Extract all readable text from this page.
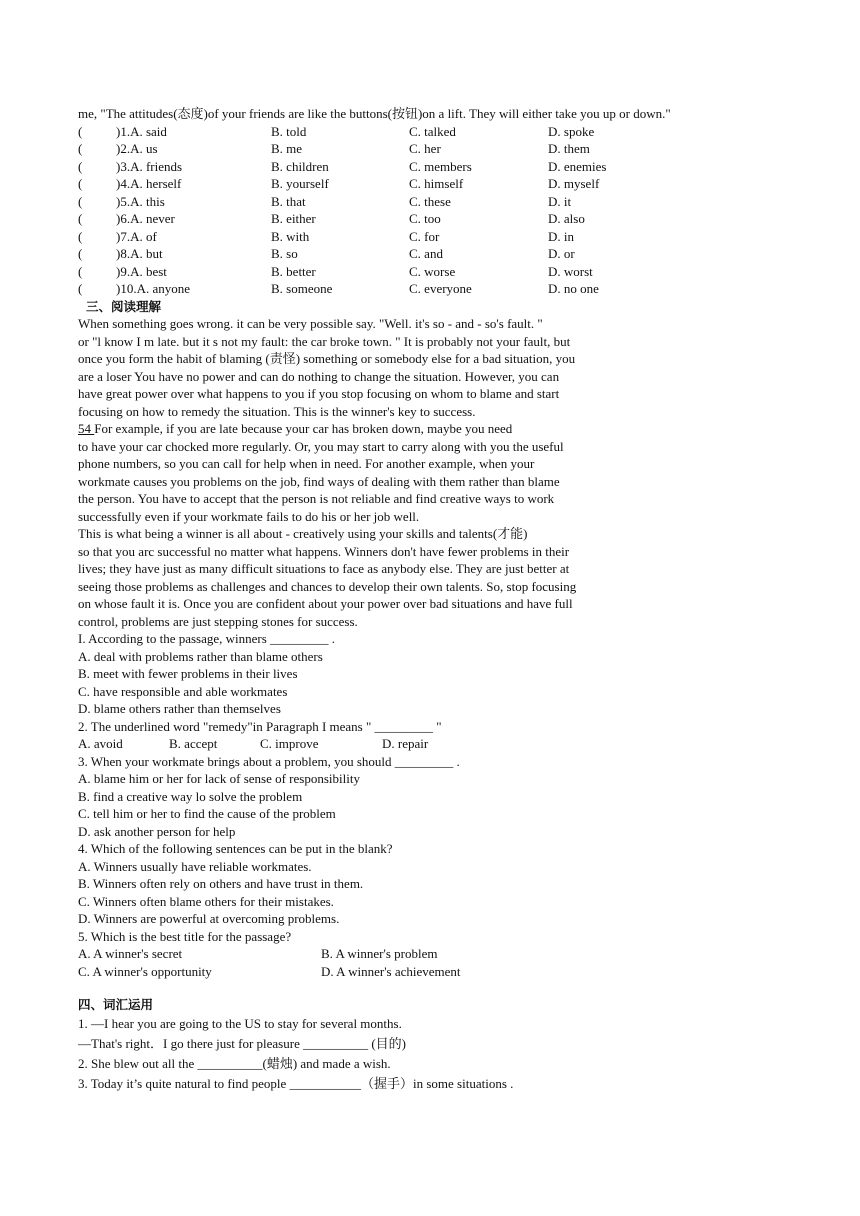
me, "The attitudes(态度)of your friends are like the buttons(按钮)on a lift. They will either take you up or down."
(	)1.A. said	B. told	C. talked	D. spoke
(	)2.A. us	B. me	C. her	D. them
(	)3.A. friends	B. children	C. members	D. enemies
(	)4.A. herself	B. yourself	C. himself	D. myself
(	)5.A. this	B. that	C. these	D. it
(	)6.A. never	B. either	C. too	D. also
(	)7.A. of	B. with	C. for	D. in
(	)8.A. but	B. so	C. and	D. or
(	)9.A. best	B. better	C. worse	D. worst
(	)10.A. anyone	B. someone	C. everyone	D. no one
三、阅读理解
When something goes wrong. it can be very possible say. "Well. it's so - and - so's fault. "
or "l know I m late. but it s not my fault: the car broke town. " It is probably not your fault, but
once you form the habit of blaming (责怪) something or somebody else for a bad situation, you
are a loser You have no power and can do nothing to change the situation. However, you can
have great power over what happens to you if you stop focusing on whom to blame and start
focusing on how to remedy the situation. This is the winner's key to success.
54 For example, if you are late because your car has broken down, maybe you need
to have your car chocked more regularly. Or, you may start to carry along with you the useful
phone numbers, so you can call for help when in need. For another example, when your
workmate causes you problems on the job, find ways of dealing with them rather than blame
the person. You have to accept that the person is not reliable and find creative ways to work
successfully even if your workmate fails to do his or her job well.
This is what being a winner is all about - creatively using your skills and talents(才能)
so that you arc successful no matter what happens. Winners don't have fewer problems in their
lives; they have just as many difficult situations to face as anybody else. They are just better at
seeing those problems as challenges and chances to develop their own talents. So, stop focusing
on whose fault it is. Once you are confident about your power over bad situations and have full
control, problems are just stepping stones for success.
I. According to the passage, winners _________ .
A. deal with problems rather than blame others
B. meet with fewer problems in their lives
C. have responsible and able workmates
D. blame others rather than themselves
2. The underlined word "remedy"in Paragraph I means " _________ "
A. avoid	B. accept	C. improve	D. repair
3. When your workmate brings about a problem, you should _________ .
A. blame him or her for lack of sense of responsibility
B. find a creative way lo solve the problem
C. tell him or her to find the cause of the problem
D. ask another person for help
4. Which of the following sentences can be put in the blank?
A. Winners usually have reliable workmates.
B. Winners often rely on others and have trust in them.
C. Winners often blame others for their mistakes.
D. Winners are powerful at overcoming problems.
5. Which is the best title for the passage?
A. A winner's secret	B. A winner's problem
C. A winner's opportunity	D. A winner's achievement
四、词汇运用
1. —I hear you are going to the US to stay for several months.
—That's right．I go there just for pleasure __________ (目的)
2. She blew out all the __________(蜡烛) and made a wish.
3. Today it’s quite natural to find people ___________（握手）in some situations .
